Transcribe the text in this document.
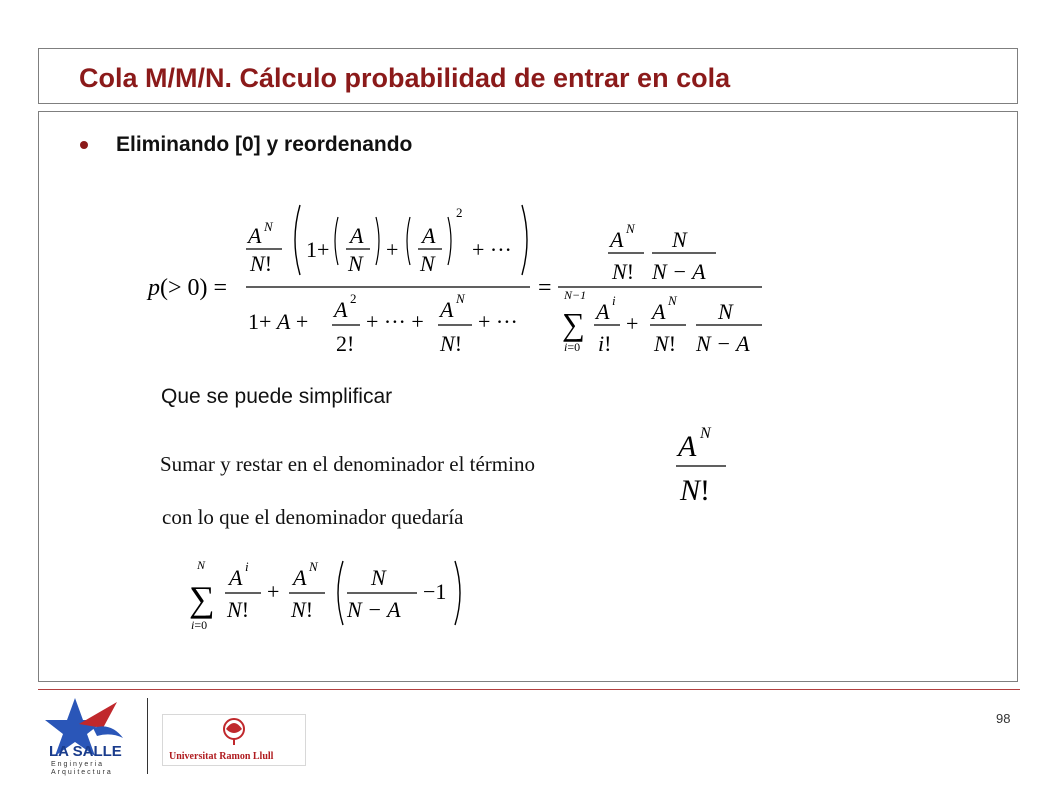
Cola M/M/N. Cálculo probabilidad de entrar en cola
Eliminando [0] y reordenando
p(> 0) =
A N
N!
1+
A
N
+
A
N
2
+ ···
1+ A + A 2
2!
+ ··· + A N
N!
+ ···
=
A N
N!
N
N − A
N−1
∑
i=0
A i
i!
+ A N
N!
N
N − A
Que se puede simplificar
Sumar y restar en el denominador el término
A N
N!
con lo que el denominador quedaría
N
∑
i=0
A i
N!
+
A N
N!
N
N − A
−1
98
LA SALLE
Enginyeria
Arquitectura
Universitat Ramon Llull
